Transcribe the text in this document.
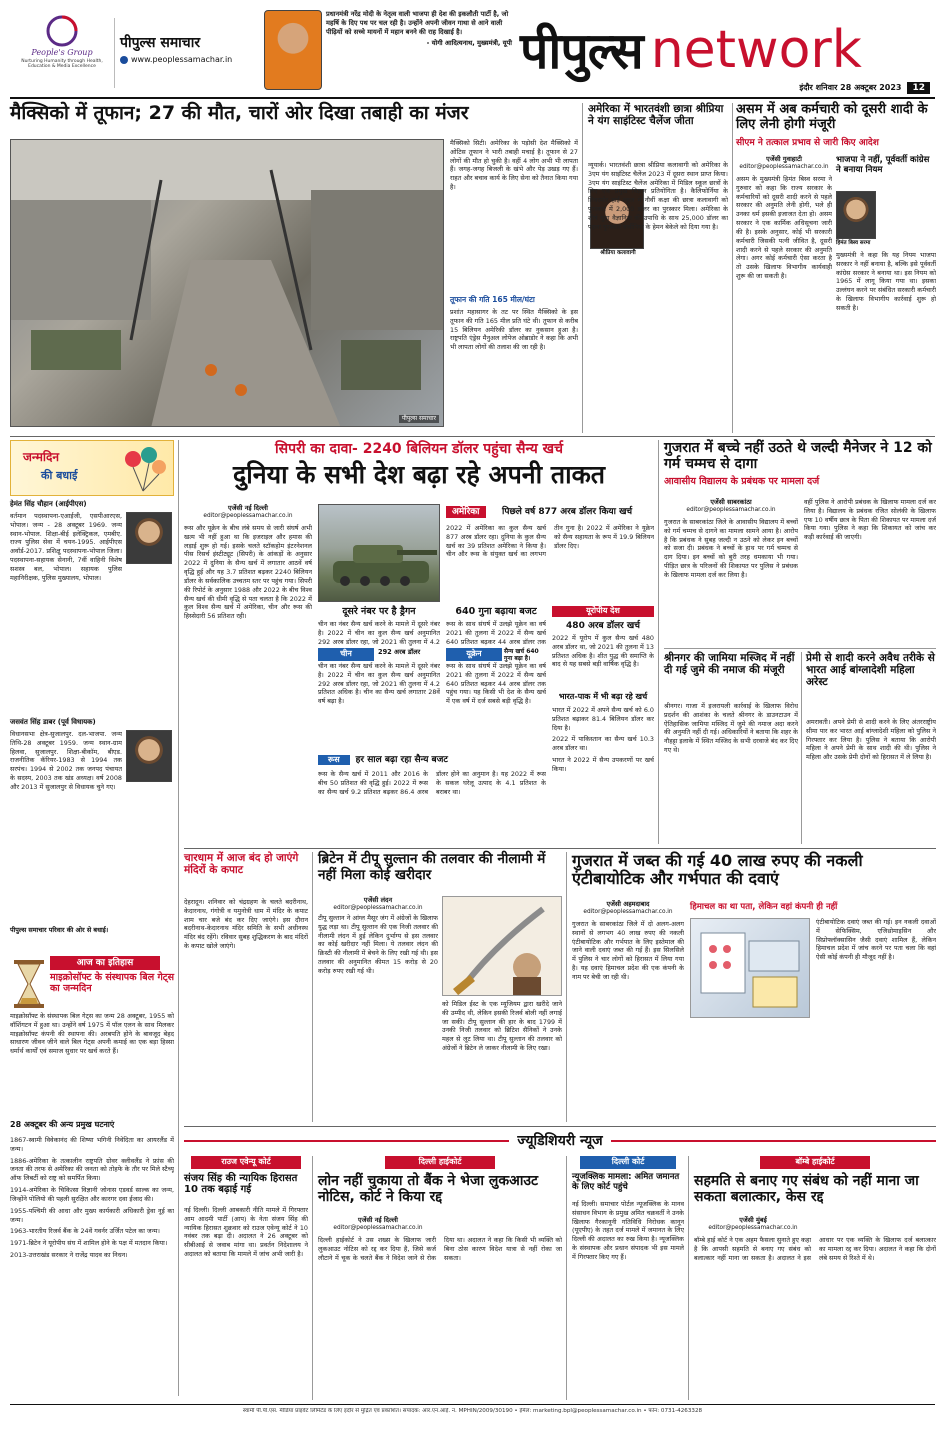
People's Group
Nurturing Humanity through Health, Education & Media Excellence
पीपुल्स समाचार
www.peoplessamachar.in
प्रधानमंत्री नरेंद्र मोदी के नेतृत्व वाली भाजपा ही देश की इकलौती पार्टी है, जो महर्षि के दिए पथ पर चल रही है। उन्होंने अपनी जीवन गाथा से आने वाली पीढ़ियों को सच्चे मायनों में महान बनने की राह दिखाई है।
- योगी आदित्यनाथ, मुख्यमंत्री, यूपी पीपुल्स network
इंदौर शनिवार 28 अक्टूबर 2023	12
मैक्सिको में तूफान; 27 की मौत, चारों ओर दिखा तबाही का मंजर
पीपुल्स समाचार
मैक्सिको सिटी। अमेरिका के पड़ोसी देश मैक्सिको में ओटिस तूफान ने भारी तबाही मचाई है। तूफान से 27 लोगों की मौत हो चुकी है। वहीं 4 लोग अभी भी लापता हैं। जगह-जगह बिजली के खंभे और पेड़ उखड़ गए हैं। राहत और बचाव कार्य के लिए सेना को तैनात किया गया है।
तूफान की गति 165 मील/घंटा
प्रशांत महासागर के तट पर स्थित मैक्सिको के इस तूफान की गति 165 मील प्रति घंटे थी। तूफान से करीब 15 बिलियन अमेरिकी डॉलर का नुकसान हुआ है। राष्ट्रपति एंड्रेस मैनुअल लोपेज ओब्राडोर ने कहा कि अभी भी लापता लोगों की तलाश की जा रही है।
अमेरिका में भारतवंशी छात्रा श्रीप्रिया ने यंग साइंटिस्ट चैलेंज जीता
श्रीप्रिया कलावागी
न्यूयार्क। भारतवंशी छात्रा श्रीप्रिया कलावागी को अमेरिका के 3एम यंग साइंटिस्ट चैलेंज 2023 में दूसरा स्थान प्राप्त किया। 3एम यंग साइंटिस्ट चैलेंज अमेरिका में मिडिल स्कूल छात्रों के लिए एक प्रमुख विज्ञान प्रतियोगिता है। कैलिफोर्निया के लिवरमोर हाई स्कूल में नौवीं कक्षा की छात्रा कलावागी को पुरस्कार में 2,000 डॉलर का पुरस्कार मिला। अमेरिका के शीर्ष युवा वैज्ञानिक की उपाधि के साथ 25,000 डॉलर का पहला पुरस्कार वर्जीनिया के हेमन बेकेले को दिया गया है।
असम में अब कर्मचारी को दूसरी शादी के लिए लेनी होगी मंजूरी
सीएम ने तत्काल प्रभाव से जारी किए आदेश
एजेंसी गुवाहाटी
editor@peoplessamachar.co.in
असम के मुख्यमंत्री हिमंत बिस्व सरमा ने गुरुवार को कहा कि राज्य सरकार के कर्मचारियों को दूसरी शादी करने से पहले सरकार की अनुमति लेनी होगी, भले ही उनका धर्म इसकी इजाजत देता हो। असम सरकार ने एक कार्मिक अधिसूचना जारी की है। इसके अनुसार, कोई भी सरकारी कर्मचारी जिसकी पत्नी जीवित है, दूसरी शादी करने से पहले सरकार की अनुमति लेगा। अगर कोई कर्मचारी ऐसा करता है तो उसके खिलाफ विभागीय कार्यवाही शुरू की जा सकती है।
भाजपा ने नहीं, पूर्ववर्ती कांग्रेस ने बनाया नियम
हिमंत बिस्व सरमा
मुख्यमंत्री ने कहा कि यह नियम भाजपा सरकार ने नहीं बनाया है, बल्कि इसे पूर्ववर्ती कांग्रेस सरकार ने बनाया था। इस नियम को 1965 में लागू किया गया था। इसका उल्लंघन करने पर संबंधित सरकारी कर्मचारी के खिलाफ विभागीय कार्रवाई शुरू हो सकती है।
जन्मदिन
की बधाई
हेमंत सिंह चौहान (आईपीएस)
वर्तमान पदस्थापना-एआईजी, एसपीआरएस, भोपाल। जन्म - 28 अक्टूबर 1969. जन्म स्थान-भोपाल. शिक्षा-बीई इलेक्ट्रिकल, एमबीए. राज्य पुलिस सेवा में चयन-1995. आईपीएस अवॉर्ड-2017. प्रशिक्षु पदस्थापना-भोपाल जिला। पदस्थापना-सहायक सेनानी, 7वीं वाहिनी विशेष सशस्त्र बल, भोपाल। सहायक पुलिस महानिरीक्षक, पुलिस मुख्यालय, भोपाल।
जसवंत सिंह डाबर (पूर्व विधायक)
विधानसभा क्षेत्र-सुजालपुर. दल-भाजपा. जन्म तिथि-28 अक्टूबर 1959. जन्म स्थान-ग्राम हिलवा, सुजालपुर. शिक्षा-बीकॉम, बीएड. राजनीतिक कॅरियर-1983 से 1994 तक सरपंच। 1994 से 2002 तक जनपद पंचायत के सदस्य, 2003 तक खंड अध्यक्ष। वर्ष 2008 और 2013 में सुजालपुर से विधायक चुने गए।
पीपुल्स समाचार परिवार की ओर से बधाई।
आज का इतिहास
माइक्रोसॉफ्ट के संस्थापक बिल गेट्स का जन्मदिन
माइक्रोसॉफ्ट के संस्थापक बिल गेट्स का जन्म 28 अक्टूबर, 1955 को वॉशिंगटन में हुआ था। उन्होंने वर्ष 1975 में पॉल एलन के साथ मिलकर माइक्रोसॉफ्ट कंपनी की स्थापना की। अरबपति होने के बावजूद बेहद साधारण जीवन जीने वाले बिल गेट्स अपनी कमाई का एक बड़ा हिस्सा धर्मार्थ कार्यों एवं समाज सुधार पर खर्च करते हैं।
28 अक्टूबर की अन्य प्रमुख घटनाएं
1867-स्वामी विवेकानंद की शिष्या भगिनी निवेदिता का आयरलैंड में जन्म।
1886-अमेरिका के तत्कालीन राष्ट्रपति ग्रोवर क्लीवलैंड ने फ्रांस की जनता की तरफ से अमेरिका की जनता को तोहफे के तौर पर मिले स्टैच्यू ऑफ लिबर्टी को राष्ट्र को समर्पित किया।
1914-अमेरिका के चिकित्सा विज्ञानी जोनास एडवर्ड साल्क का जन्म, जिन्होंने पोलियो की पहली सुरक्षित और कारगर दवा ईजाद की।
1955-पश्चिमी की आधा और मुख्य कार्यकारी अधिकारी ड्रेवा नूई का जन्म।
1963-भारतीय रिजर्व बैंक के 24वें गवर्नर उर्जित पटेल का जन्म।
1971-ब्रिटेन ने यूरोपीय संघ में शामिल होने के पक्ष में मतदान किया।
2013-उत्तराखंड सरकार ने राजेंद्र यादव का निधन।
सिपरी का दावा- 2240 बिलियन डॉलर पहुंचा सैन्य खर्च
दुनिया के सभी देश बढ़ा रहे अपनी ताकत
एजेंसी नई दिल्ली
editor@peoplessamachar.co.in
रूस और यूक्रेन के बीच लंबे समय से जारी संघर्ष अभी खत्म भी नहीं हुआ था कि इजराइल और हमास की लड़ाई शुरू हो गई। इसके चलते स्टॉकहोम इंटरनेशनल पीस रिसर्च इंस्टीट्यूट (सिपरी) के आंकड़ों के अनुसार 2022 में दुनिया के सैन्य खर्च में लगातार आठवें वर्ष वृद्धि हुई और यह 3.7 प्रतिशत बढ़कर 2240 बिलियन डॉलर के सर्वकालिक उच्चतम स्तर पर पहुंच गया। सिपरी की रिपोर्ट के अनुसार 1988 और 2022 के बीच विश्व सैन्य खर्च की धीमी वृद्धि से पता चलता है कि 2022 में कुल विश्व सैन्य खर्च में अमेरिका, चीन और रूस की हिस्सेदारी 56 प्रतिशत रही।
अमेरिका	पिछले वर्ष 877 अरब डॉलर किया खर्च
2022 में अमेरिका का कुल सैन्य खर्च 877 अरब डॉलर रहा। दुनिया के कुल सैन्य खर्च का 39 प्रतिशत अमेरिका ने किया है। चीन और रूस के संयुक्त खर्च का लगभग तीन गुना है। 2022 में अमेरिका ने यूक्रेन को सैन्य सहायता के रूप में 19.9 बिलियन डॉलर दिए।
दूसरे नंबर पर है ड्रैगन
चीन का नंबर सैन्य खर्च करने के मामले में दूसरे नंबर है। 2022 में चीन का कुल सैन्य खर्च अनुमानित 292 अरब डॉलर रहा, जो 2021 की तुलना में 4.2
चीन	292 अरब डॉलर
चीन का नंबर सैन्य खर्च करने के मामले में दूसरे नंबर है। 2022 में चीन का कुल सैन्य खर्च अनुमानित 292 अरब डॉलर रहा, जो 2021 की तुलना में 4.2 प्रतिशत अधिक है। चीन का सैन्य खर्च लगातार 28वें वर्ष बढ़ा है।
640 गुना बढ़ाया बजट
रूस के साथ संघर्ष में उलझे यूक्रेन का वर्ष 2021 की तुलना में 2022 में सैन्य खर्च 640 प्रतिशत बढ़कर 44 अरब डॉलर तक
यूक्रेन	सैन्य खर्च 640 गुना बढ़ा है।
रूस के साथ संघर्ष में उलझे यूक्रेन का वर्ष 2021 की तुलना में 2022 में सैन्य खर्च 640 प्रतिशत बढ़कर 44 अरब डॉलर तक पहुंच गया। यह किसी भी देश के सैन्य खर्च में एक वर्ष में दर्ज सबसे बड़ी वृद्धि है।
यूरोपीय देश
480 अरब डॉलर खर्च
2022 में यूरोप में कुल सैन्य खर्च 480 अरब डॉलर था, जो 2021 की तुलना में 13 प्रतिशत अधिक है। शीत युद्ध की समाप्ति के बाद से यह सबसे बड़ी वार्षिक वृद्धि है।
भारत-पाक में भी बढ़ा रहे खर्च
भारत में 2022 में अपने सैन्य खर्च को 6.0 प्रतिशत बढ़ाकर 81.4 बिलियन डॉलर कर दिया है।
2022 में पाकिस्तान का सैन्य खर्च 10.3 अरब डॉलर था।
भारत ने 2022 में सैन्य उपकरणों पर खर्च किया।
रूस	हर साल बढ़ा रहा सैन्य बजट
रूस के सैन्य खर्च में 2011 और 2016 के बीच 50 प्रतिशत की वृद्धि हुई। 2022 में रूस का सैन्य खर्च 9.2 प्रतिशत बढ़कर 86.4 अरब डॉलर होने का अनुमान है। यह 2022 में रूस के सकल घरेलू उत्पाद के 4.1 प्रतिशत के बराबर था।
गुजरात में बच्चे नहीं उठते थे जल्दी मैनेजर ने 12 को गर्म चम्मच से दागा
आवासीय विद्यालय के प्रबंधक पर मामला दर्ज
एजेंसी साबरकांठा
editor@peoplessamachar.co.in
गुजरात के साबरकांठा जिले के आवासीय विद्यालय में बच्चों को गर्म चम्मच से दागने का मामला सामने आया है। आरोप है कि प्रबंधक ने सुबह जल्दी न उठने को लेकर इन बच्चों को सजा दी। प्रबंधक ने बच्चों के हाथ पर गर्म चम्मच से दाग दिया। इन बच्चों को बुरी तरह धमकाया भी गया। पीड़ित छात्र के परिजनों की शिकायत पर पुलिस ने प्रबंधक के खिलाफ मामला दर्ज कर लिया है।
वहीं पुलिस ने आरोपी प्रबंधक के खिलाफ मामला दर्ज कर लिया है। विद्यालय के प्रबंधक रजित सोलंकी के खिलाफ एफ 10 वर्षीय छात्र के पिता की शिकायत पर मामला दर्ज किया गया। पुलिस ने कहा कि शिकायत को जांच कर कड़ी कार्रवाई की जाएगी।
श्रीनगर की जामिया मस्जिद में नहीं दी गई जुमे की नमाज की मंजूरी
श्रीनगर। गाजा में इजरायली कार्रवाई के खिलाफ विरोध प्रदर्शन की आशंका के चलते श्रीनगर के डाउनटाउन में ऐतिहासिक जामिया मस्जिद में जुमे की नमाज अदा करने की अनुमति नहीं दी गई। अधिकारियों ने बताया कि शहर के नौहट्टा इलाके में स्थित मस्जिद के सभी दरवाजे बंद कर दिए गए थे।
प्रेमी से शादी करने अवैध तरीके से भारत आई बांग्लादेशी महिला अरेस्ट
अमरावती। अपने प्रेमी से शादी करने के लिए अंतरराष्ट्रीय सीमा पार कर भारत आई बांग्लादेशी महिला को पुलिस ने गिरफ्तार कर लिया है। पुलिस ने बताया कि आरोपी महिला ने अपने प्रेमी के साथ शादी की थी। पुलिस ने महिला और उसके प्रेमी दोनों को हिरासत में ले लिया है।
चारधाम में आज बंद हो जाएंगे मंदिरों के कपाट
देहरादून। शनिवार को चंद्रग्रहण के चलते बदरीनाथ, केदारनाथ, गंगोत्री व यमुनोत्री धाम में मंदिर के कपाट शाम चार बजे बंद कर दिए जाएंगे। इस दौरान बदरीनाथ-केदारनाथ मंदिर समिति के सभी अधीनस्थ मंदिर बंद रहेंगे। रविवार सुबह शुद्धिकरण के बाद मंदिरों के कपाट खोले जाएंगे।
ब्रिटेन में टीपू सुल्तान की तलवार की नीलामी में नहीं मिला कोई खरीदार
एजेंसी लंदन
editor@peoplessamachar.co.in
टीपू सुल्तान ने आंग्ल मैसूर जंग में अंग्रेजों के खिलाफ युद्ध लड़ा था। टीपू सुल्तान की एक निजी तलवार की नीलामी लंदन में हुई लेकिन दुर्भाग्य से इस तलवार का कोई खरीदार नहीं मिला। ये तलवार लंदन की क्रिस्टी की नीलामी में बेचने के लिए रखी गई थी। इस तलवार की अनुमानित कीमत 15 करोड़ से 20 करोड़ रुपए रखी गई थी।
को मिडिल ईस्ट के एक म्यूजियम द्वारा खरीदे जाने की उम्मीद थी, लेकिन इसकी रिजर्व बोली नहीं लगाई जा सकी। टीपू सुल्तान की हार के बाद 1799 में उनकी निजी तलवार को ब्रिटिश सैनिकों ने उनके महल से लूट लिया था। टीपू सुल्तान की तलवार को अंग्रेजों ने ब्रिटेन ले जाकर नीलामी के लिए रखा।
गुजरात में जब्त की गई 40 लाख रुपए की नकली एंटीबायोटिक और गर्भपात की दवाएं
एजेंसी अहमदाबाद
editor@peoplessamachar.co.in	हिमाचल का था पता, लेकिन वहां कंपनी ही नहीं
गुजरात के साबरकांठा जिले में दो अलग-अलग स्थानों से लगभग 40 लाख रुपए की नकली एंटीबायोटिक और गर्भपात के लिए इस्तेमाल की जाने वाली दवाएं जब्त की गई हैं। इस सिलसिले में पुलिस ने चार लोगों को हिरासत में लिया गया है। यह दवाएं हिमाचल प्रदेश की एक कंपनी के नाम पर बेची जा रही थी।
एंटीबायोटिक दवाएं जब्त की गई। इन नकली दवाओं में सेफिक्सिम, एजिथ्रोमाइसिन और सिप्रोफ्लॉक्सासिन जैसी दवाएं शामिल हैं, लेकिन हिमाचल प्रदेश में जांच करने पर पता चला कि वहां ऐसी कोई कंपनी ही मौजूद नहीं है।
ज्यूडिशियरी न्यूज
राउज एवेन्यू कोर्ट
संजय सिंह की न्यायिक हिरासत 10 तक बढ़ाई गई
नई दिल्ली। दिल्ली आबकारी नीति मामले में गिरफ्तार आम आदमी पार्टी (आप) के नेता संजय सिंह की न्यायिक हिरासत शुक्रवार को राउज एवेन्यू कोर्ट ने 10 नवंबर तक बढ़ा दी। अदालत ने 26 अक्टूबर को सीबीआई से जवाब मांगा था। प्रवर्तन निदेशालय ने अदालत को बताया कि मामले में जांच अभी जारी है।
दिल्ली हाईकोर्ट
लोन नहीं चुकाया तो बैंक ने भेजा लुकआउट नोटिस, कोर्ट ने किया रद्द
एजेंसी नई दिल्ली
editor@peoplessamachar.co.in
दिल्ली हाईकोर्ट ने उस शख्स के खिलाफ जारी लुकआउट नोटिस को रद्द कर दिया है, जिसे कर्ज लौटाने में चूक के चलते बैंक ने विदेश जाने से रोक दिया था। अदालत ने कहा कि किसी भी व्यक्ति को बिना ठोस कारण विदेश यात्रा से नहीं रोका जा सकता।
दिल्ली कोर्ट
न्यूजक्लिक मामला: अमित जमानत के लिए कोर्ट पहुंचे
नई दिल्ली। समाचार पोर्टल न्यूजक्लिक के मानव संसाधन विभाग के प्रमुख अमित चक्रवर्ती ने उनके खिलाफ गैरकानूनी गतिविधि निरोधक कानून (यूएपीए) के तहत दर्ज मामले में जमानत के लिए दिल्ली की अदालत का रुख किया है। न्यूजक्लिक के संस्थापक और प्रधान संपादक भी इस मामले में गिरफ्तार किए गए हैं।
बॉम्बे हाईकोर्ट
सहमति से बनाए गए संबंध को नहीं माना जा सकता बलात्कार, केस रद्द
एजेंसी मुंबई
editor@peoplessamachar.co.in
बॉम्बे हाई कोर्ट ने एक अहम फैसला सुनाते हुए कहा है कि आपसी सहमति से बनाए गए संबंध को बलात्कार नहीं माना जा सकता है। अदालत ने इस आधार पर एक व्यक्ति के खिलाफ दर्ज बलात्कार का मामला रद्द कर दिया। अदालत ने कहा कि दोनों लंबे समय से रिश्ते में थे।
स्वामी पी.पी.एस. मीडिया प्राइवेट लिमिटेड के लिए इंदौर से मुद्रित एवं प्रकाशित। संपादक: आर.एन.आई. नं. MPHIN/2009/30190 • ईमेल: marketing.bpl@peoplessamachar.co.in • फोन: 0731-4263328
